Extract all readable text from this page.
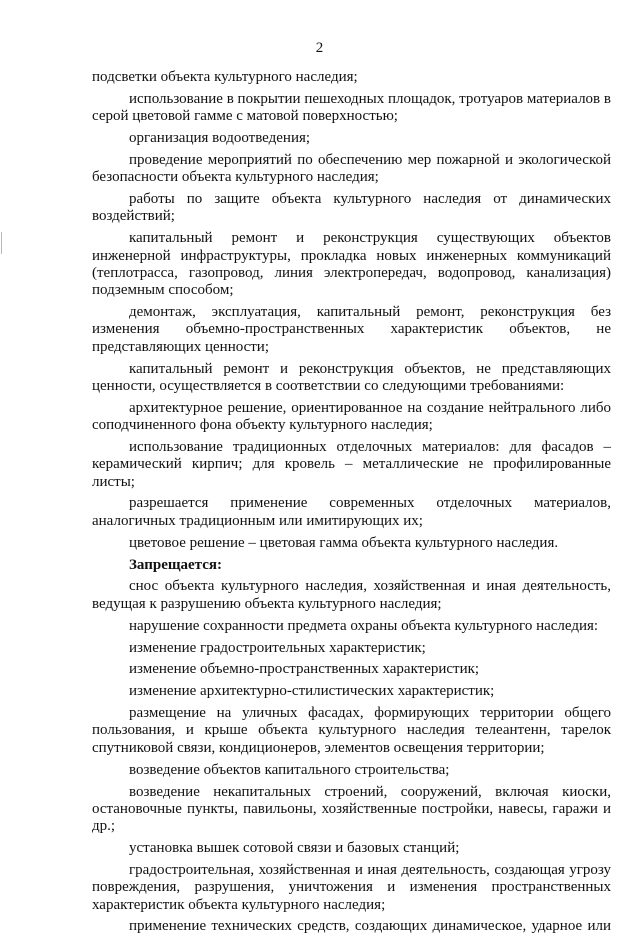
2

подсветки объекта культурного наследия;

использование в покрытии пешеходных площадок, тротуаров материалов в серой цветовой гамме с матовой поверхностью;

организация водоотведения;

проведение мероприятий по обеспечению мер пожарной и экологической безопасности объекта культурного наследия;

работы по защите объекта культурного наследия от динамических воздействий;

капитальный ремонт и реконструкция существующих объектов инженерной инфраструктуры, прокладка новых инженерных коммуникаций (теплотрасса, газопровод, линия электропередач, водопровод, канализация) подземным способом;

демонтаж, эксплуатация, капитальный ремонт, реконструкция без изменения объемно-пространственных характеристик объектов, не представляющих ценности;

капитальный ремонт и реконструкция объектов, не представляющих ценности, осуществляется в соответствии со следующими требованиями:

архитектурное решение, ориентированное на создание нейтрального либо соподчиненного фона объекту культурного наследия;

использование традиционных отделочных материалов: для фасадов – керамический кирпич; для кровель – металлические не профилированные листы;

разрешается применение современных отделочных материалов, аналогичных традиционным или имитирующих их;

цветовое решение – цветовая гамма объекта культурного наследия.

Запрещается:

снос объекта культурного наследия, хозяйственная и иная деятельность, ведущая к разрушению объекта культурного наследия;

нарушение сохранности предмета охраны объекта культурного наследия:

изменение градостроительных характеристик;

изменение объемно-пространственных характеристик;

изменение архитектурно-стилистических характеристик;

размещение на уличных фасадах, формирующих территории общего пользования, и крыше объекта культурного наследия телеантенн, тарелок спутниковой связи, кондиционеров, элементов освещения территории;

возведение объектов капитального строительства;

возведение некапитальных строений, сооружений, включая киоски, остановочные пункты, павильоны, хозяйственные постройки, навесы, гаражи и др.;

установка вышек сотовой связи и базовых станций;

градостроительная, хозяйственная и иная деятельность, создающая угрозу повреждения, разрушения, уничтожения и изменения пространственных характеристик объекта культурного наследия;

применение технических средств, создающих динамическое, ударное или
